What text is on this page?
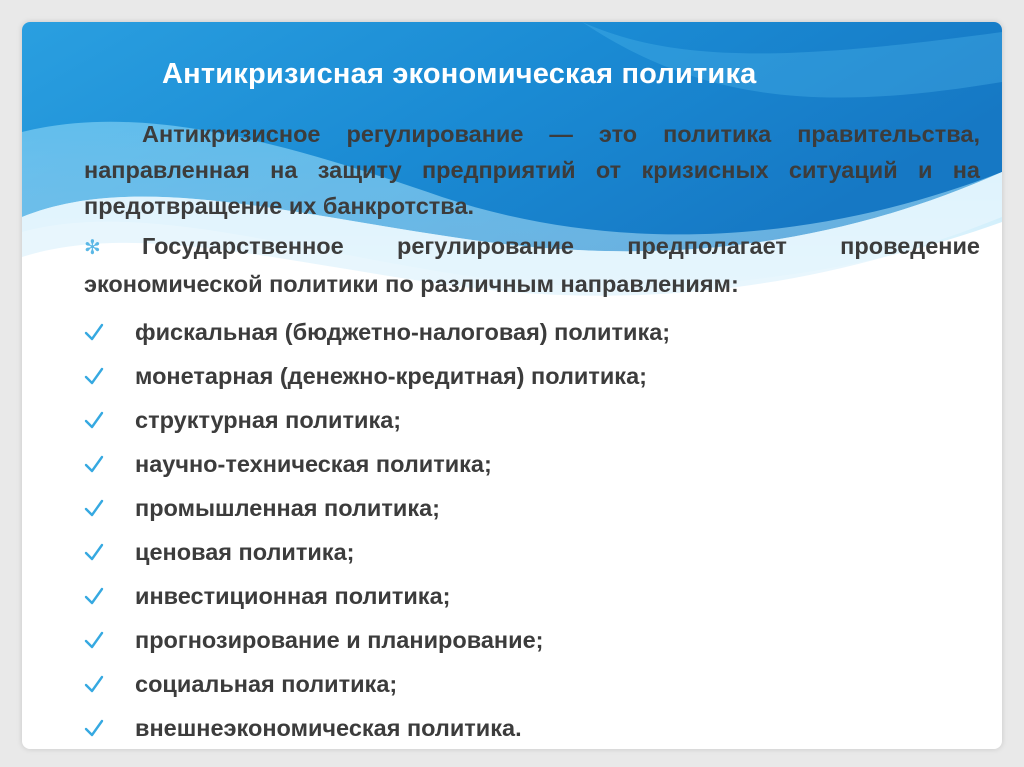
Антикризисная экономическая политика
Антикризисное регулирование — это политика правительства, направленная на защиту предприятий от кризисных ситуаций и на предотвращение их банкротства.
✻ Государственное регулирование предполагает проведение экономической политики по различным направлениям:
фискальная (бюджетно-налоговая) политика;
монетарная (денежно-кредитная) политика;
структурная политика;
научно-техническая политика;
промышленная политика;
ценовая политика;
инвестиционная политика;
прогнозирование и планирование;
социальная политика;
внешнеэкономическая политика.
